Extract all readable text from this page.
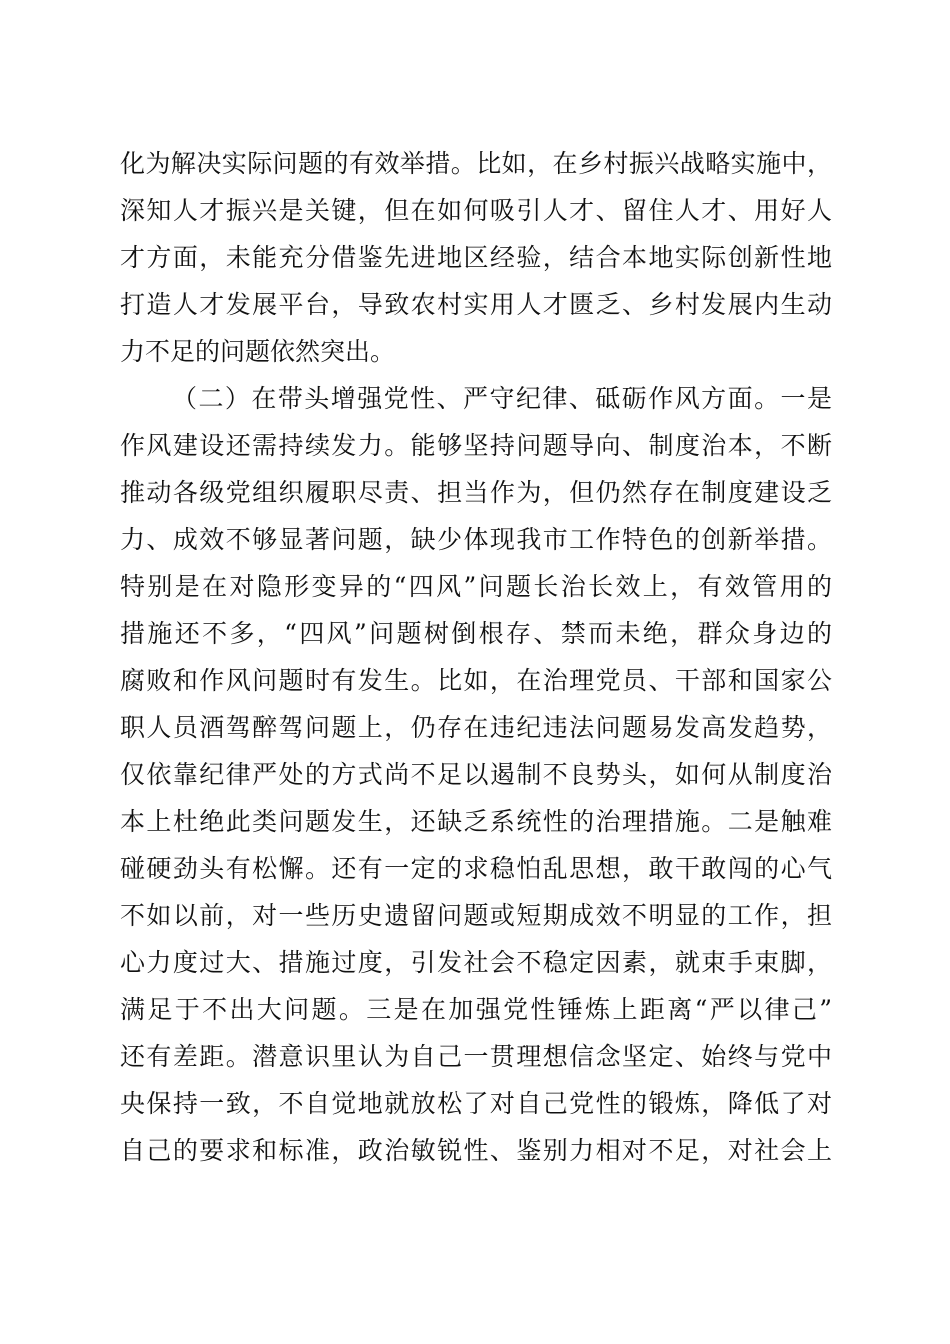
化为解决实际问题的有效举措。比如，在乡村振兴战略实施中，
深知人才振兴是关键，但在如何吸引人才、留住人才、用好人
才方面，未能充分借鉴先进地区经验，结合本地实际创新性地
打造人才发展平台，导致农村实用人才匮乏、乡村发展内生动
力不足的问题依然突出。
（二）在带头增强党性、严守纪律、砥砺作风方面。一是
作风建设还需持续发力。能够坚持问题导向、制度治本，不断
推动各级党组织履职尽责、担当作为，但仍然存在制度建设乏
力、成效不够显著问题，缺少体现我市工作特色的创新举措。
特别是在对隐形变异的“四风”问题长治长效上，有效管用的
措施还不多，“四风”问题树倒根存、禁而未绝，群众身边的
腐败和作风问题时有发生。比如，在治理党员、干部和国家公
职人员酒驾醉驾问题上，仍存在违纪违法问题易发高发趋势，
仅依靠纪律严处的方式尚不足以遏制不良势头，如何从制度治
本上杜绝此类问题发生，还缺乏系统性的治理措施。二是触难
碰硬劲头有松懈。还有一定的求稳怕乱思想，敢干敢闯的心气
不如以前，对一些历史遗留问题或短期成效不明显的工作，担
心力度过大、措施过度，引发社会不稳定因素，就束手束脚，
满足于不出大问题。三是在加强党性锤炼上距离“严以律己”
还有差距。潜意识里认为自己一贯理想信念坚定、始终与党中
央保持一致，不自觉地就放松了对自己党性的锻炼，降低了对
自己的要求和标准，政治敏锐性、鉴别力相对不足，对社会上
